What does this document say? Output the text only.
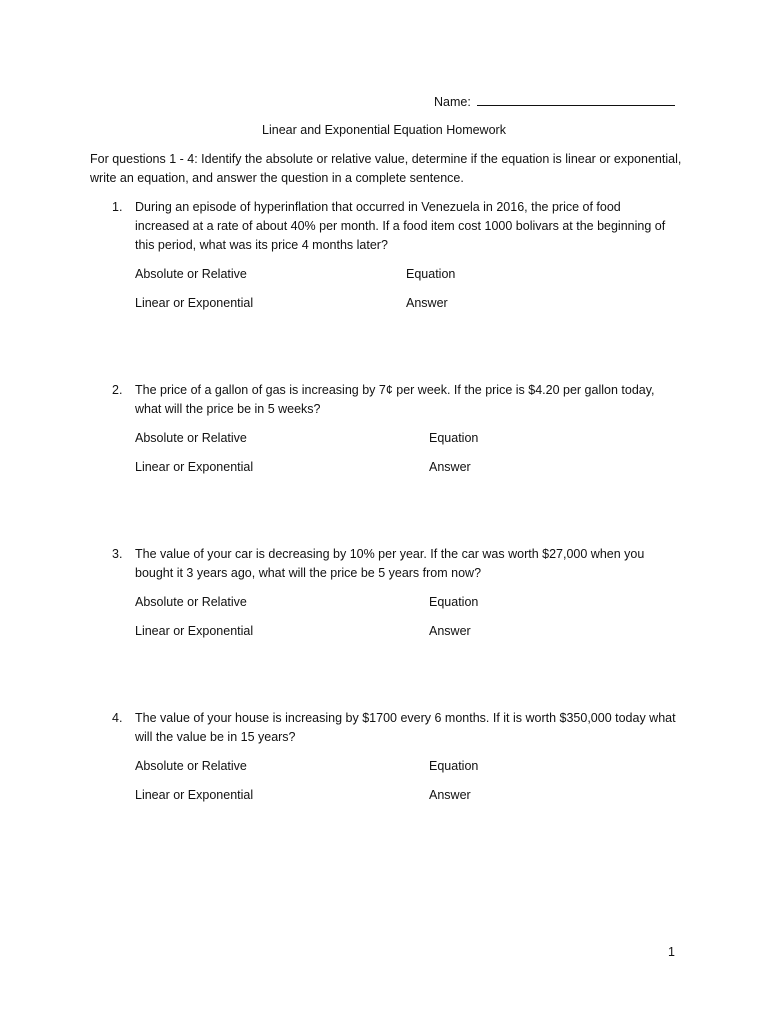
Name:
Linear and Exponential Equation Homework
For questions 1 - 4: Identify the absolute or relative value, determine if the equation is linear or exponential, write an equation, and answer the question in a complete sentence.
1. During an episode of hyperinflation that occurred in Venezuela in 2016, the price of food increased at a rate of about 40% per month. If a food item cost 1000 bolivars at the beginning of this period, what was its price 4 months later?
Absolute or Relative	Equation
Linear or Exponential	Answer
2. The price of a gallon of gas is increasing by 7¢ per week. If the price is $4.20 per gallon today, what will the price be in 5 weeks?
Absolute or Relative	Equation
Linear or Exponential	Answer
3. The value of your car is decreasing by 10% per year. If the car was worth $27,000 when you bought it 3 years ago, what will the price be 5 years from now?
Absolute or Relative	Equation
Linear or Exponential	Answer
4. The value of your house is increasing by $1700 every 6 months. If it is worth $350,000 today what will the value be in 15 years?
Absolute or Relative	Equation
Linear or Exponential	Answer
1
